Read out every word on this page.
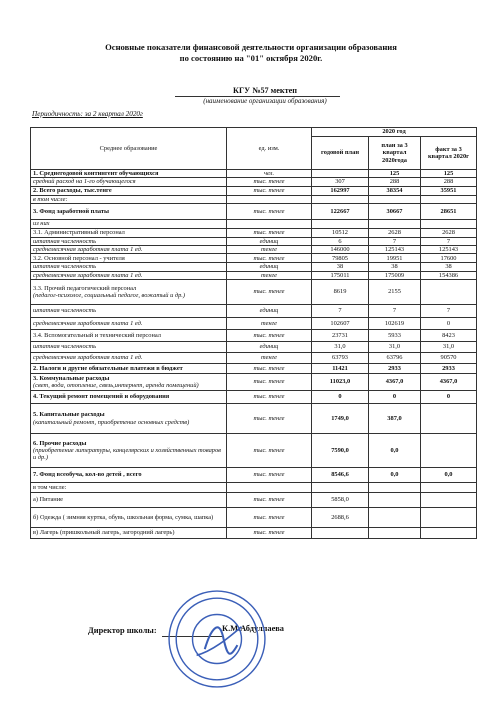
Основные показатели финансовой деятельности организации образования
по состоянию на "01" октября 2020г.
КГУ №57 мектеп
(наименование организации образования)
Периодичность: за 2 квартал 2020г
Среднее образование	ед. изм.	2020 год		
		годовой план	план за 3 квартал 2020года	факт за 3 квартал 2020г
1. Среднегодовой контингент обучающихся	чел.		125	125
средний расход на 1-го обучающегося	тыс. тенге	307	288	288
2. Всего расходы, тыс.тенге	тыс. тенге	162997	38354	35951
в том числе:				
3. Фонд заработной платы	тыс. тенге	122667	30667	28651
из них				
3.1. Административный персонал	тыс. тенге	10512	2628	2628
штатная численность	единиц	6	7	7
среднемесячная заработная плата 1 ед.	тенге	146000	125143	125143
3.2. Основной персонал - учителя	тыс. тенге	79805	19951	17600
штатная численность	единиц	38	38	38
среднемесячная заработная плата 1 ед.	тенге	175011	175009	154386
3.3. Прочий педагогический персонал
(педагог-психолог, социальный педагог, вожатый и др.)	тыс. тенге	8619	2155	
штатная численность	единиц	7	7	7
среднемесячная заработная плата 1 ед.	тенге	102607	102619	0
3.4. Вспомогательный и технический персонал	тыс. тенге	23731	5933	8423
штатная численность	единиц	31,0	31,0	31,0
среднемесячная заработная плата 1 ед.	тенге	63793	63796	90570
2. Налоги и другие обязательные платежи в бюджет	тыс. тенге	11421	2933	2933
3. Коммунальные расходы
(свет, вода, отопление, связь,интернет, арендa помещений)	тыс. тенге	11023,0	4367,0	4367,0
4. Текущий ремонт помещений и оборудования	тыс. тенге	0	0	0
5. Капитальные расходы
(капитальный ремонт, приобретение основных средств)	тыс. тенге	1749,0	387,0	
6. Прочие расходы
(приобретение литературы, канцелярских и хозяйственных товаров и др.)	тыс. тенге	7590,0	0,0	
7. Фонд всеобуча, кол-во детей , всего	тыс. тенге	8546,6	0,0	0,0
в том числе:				
а) Питание	тыс. тенге	5858,0		
б) Одежда ( зимняя куртка, обувь, школьная форма, сумка, шапка)	тыс. тенге	2688,6		
в) Лагерь (пришкольный лагерь, загородний лагерь)	тыс. тенге			
Директор школы:	К.М.Абдуллаева
